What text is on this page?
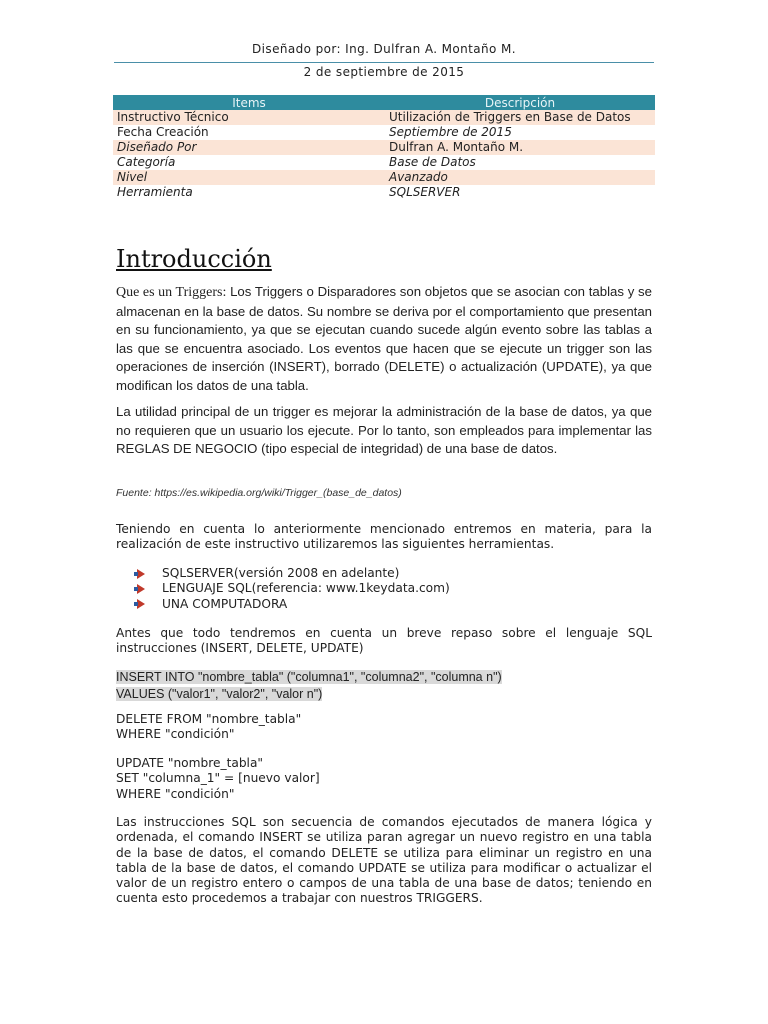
Diseñado por: Ing. Dulfran A. Montaño M.
2 de septiembre de 2015
Items	Descripción
Instructivo Técnico	Utilización de Triggers en Base de Datos
Fecha Creación	Septiembre de 2015
Diseñado Por	Dulfran A. Montaño M.
Categoría	Base de Datos
Nivel	Avanzado
Herramienta	SQLSERVER
Introducción

Que es un Triggers: Los Triggers o Disparadores son objetos que se asocian con tablas y se almacenan en la base de datos. Su nombre se deriva por el comportamiento que presentan en su funcionamiento, ya que se ejecutan cuando sucede algún evento sobre las tablas a las que se encuentra asociado. Los eventos que hacen que se ejecute un trigger son las operaciones de inserción (INSERT), borrado (DELETE) o actualización (UPDATE), ya que modifican los datos de una tabla.

La utilidad principal de un trigger es mejorar la administración de la base de datos, ya que no requieren que un usuario los ejecute. Por lo tanto, son empleados para implementar las REGLAS DE NEGOCIO (tipo especial de integridad) de una base de datos.

Fuente: https://es.wikipedia.org/wiki/Trigger_(base_de_datos)

Teniendo en cuenta lo anteriormente mencionado entremos en materia, para la realización de este instructivo utilizaremos las siguientes herramientas.

SQLSERVER(versión 2008 en adelante)
LENGUAJE SQL(referencia: www.1keydata.com)
UNA COMPUTADORA

Antes que todo tendremos en cuenta un breve repaso sobre el lenguaje SQL instrucciones (INSERT, DELETE, UPDATE)

INSERT INTO "nombre_tabla" ("columna1", "columna2", "columna n")
VALUES ("valor1", "valor2", "valor n")
DELETE FROM "nombre_tabla"
WHERE "condición"
UPDATE "nombre_tabla"
SET "columna_1" = [nuevo valor]
WHERE "condición"

Las instrucciones SQL son secuencia de comandos ejecutados de manera lógica y ordenada, el comando INSERT se utiliza paran agregar un nuevo registro en una tabla de la base de datos, el comando DELETE se utiliza para eliminar un registro en una tabla de la base de datos, el comando UPDATE se utiliza para modificar o actualizar el valor de un registro entero o campos de una tabla de una base de datos; teniendo en cuenta esto procedemos a trabajar con nuestros TRIGGERS.
